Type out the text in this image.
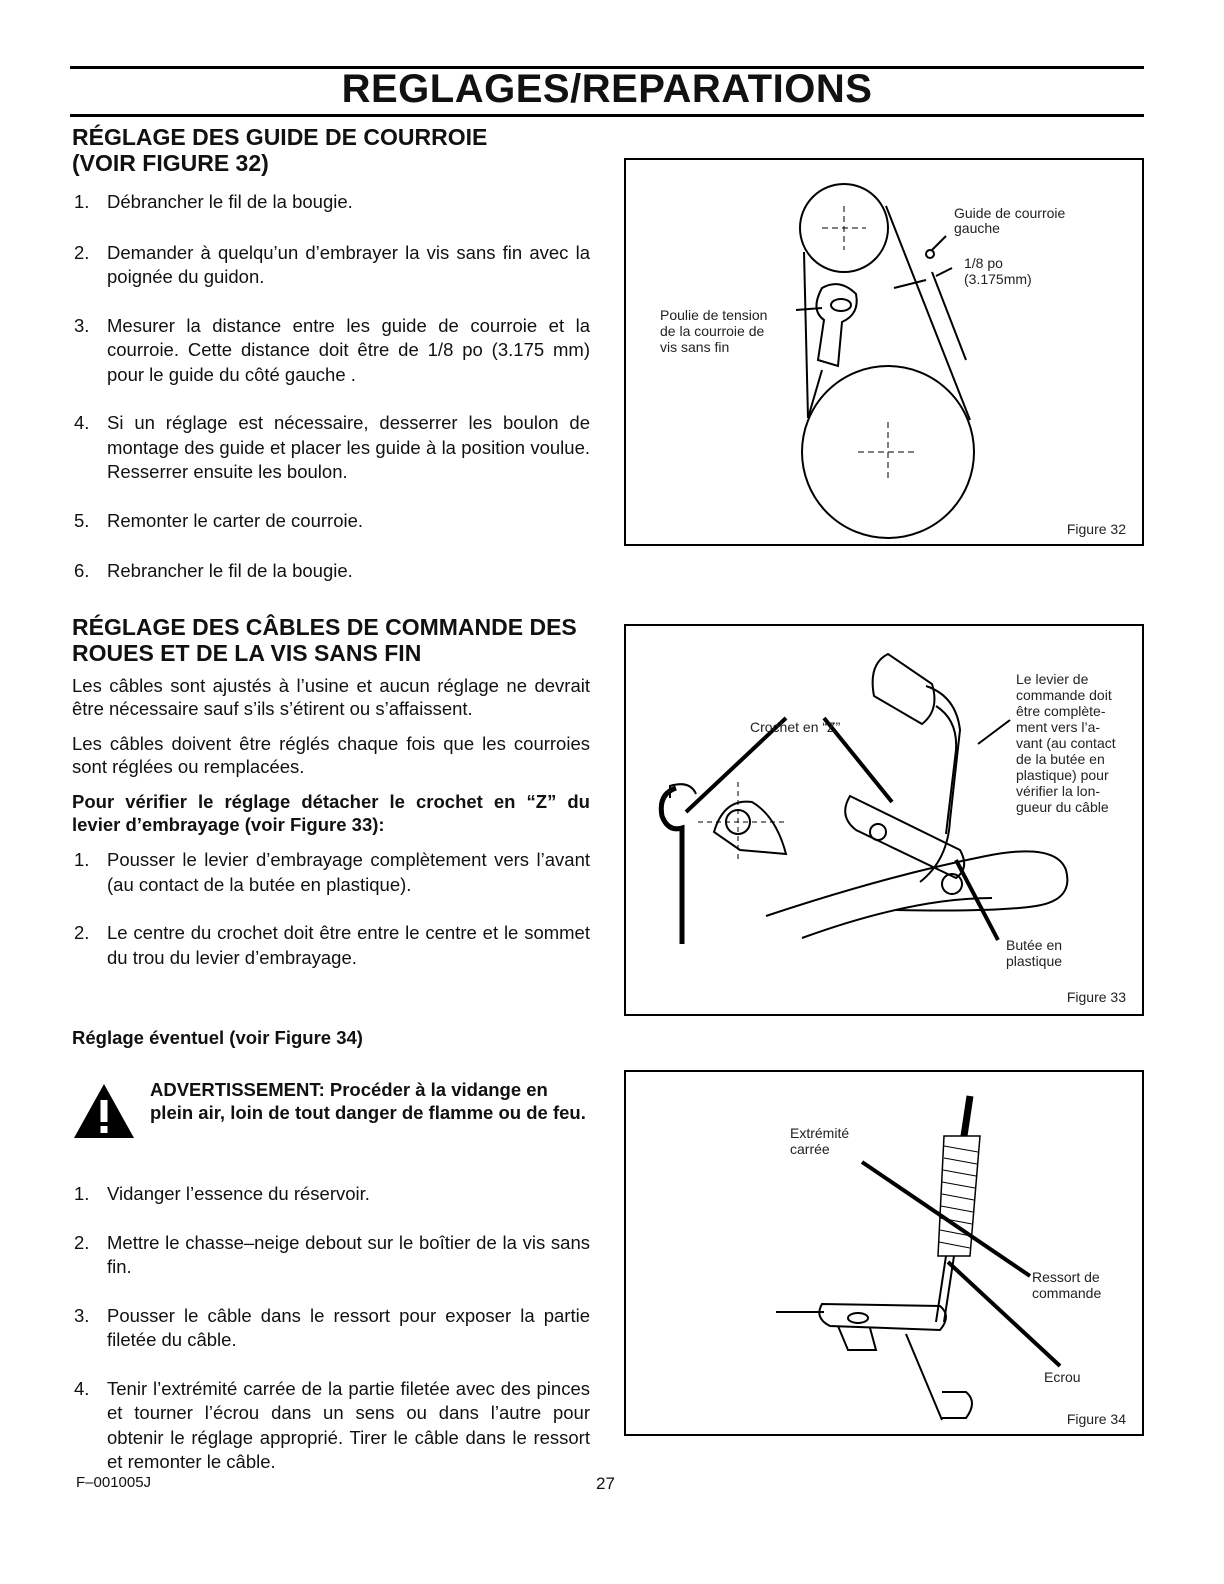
REGLAGES/REPARATIONS

RÉGLAGE DES GUIDE DE COURROIE

(VOIR FIGURE 32)

1. Débrancher le fil de la bougie.
2. Demander à quelqu’un d’embrayer la vis sans fin avec la poignée du guidon.
3. Mesurer la distance entre les guide de courroie et la courroie. Cette distance doit être de 1/8 po (3.175 mm) pour le guide du côté gauche .
4. Si un réglage est nécessaire, desserrer les boulon de montage des guide et placer les guide à la position voulue. Resserrer ensuite les boulon.
5. Remonter le carter de courroie.
6. Rebrancher le fil de la bougie.

RÉGLAGE DES CÂBLES DE COMMANDE DES

ROUES ET DE LA VIS SANS FIN

Les câbles sont ajustés à l’usine et aucun réglage ne devrait être nécessaire sauf s’ils s’étirent ou s’affaissent.

Les câbles doivent être réglés chaque fois que les courroies sont réglées ou remplacées.

Pour vérifier le réglage détacher le crochet en “Z” du levier d’embrayage (voir Figure 33):

1. Pousser le levier d’embrayage complètement vers l’avant (au contact de la butée en plastique).
2. Le centre du crochet doit être entre le centre et le sommet du trou du levier d’embrayage.

Réglage éventuel (voir Figure 34)

ADVERTISSEMENT: Procéder à la vidange en plein air, loin de tout danger de flamme ou de feu.
1. Vidanger l’essence du réservoir.
2. Mettre le chasse–neige debout sur le boîtier de la vis sans fin.
3. Pousser le câble dans le ressort pour exposer la partie filetée du câble.
4. Tenir l’extrémité carrée de la partie filetée avec des pinces et tourner l’écrou dans un sens ou dans l’autre pour obtenir le réglage approprié. Tirer le câble dans le ressort et remonter le câble.
Guide de courroie
gauche
1/8 po
(3.175mm)
Poulie de tension
de la courroie de
vis sans fin
Figure 32
Crochet en “Z”
Le levier de
commande doit
être complète-
ment vers l’a-
vant (au contact
de la butée en
plastique) pour
vérifier la lon-
gueur du câble
Butée en
plastique
Figure 33
Extrémité
carrée
Ressort de
commande
Ecrou
Figure 34
F–001005J	27
